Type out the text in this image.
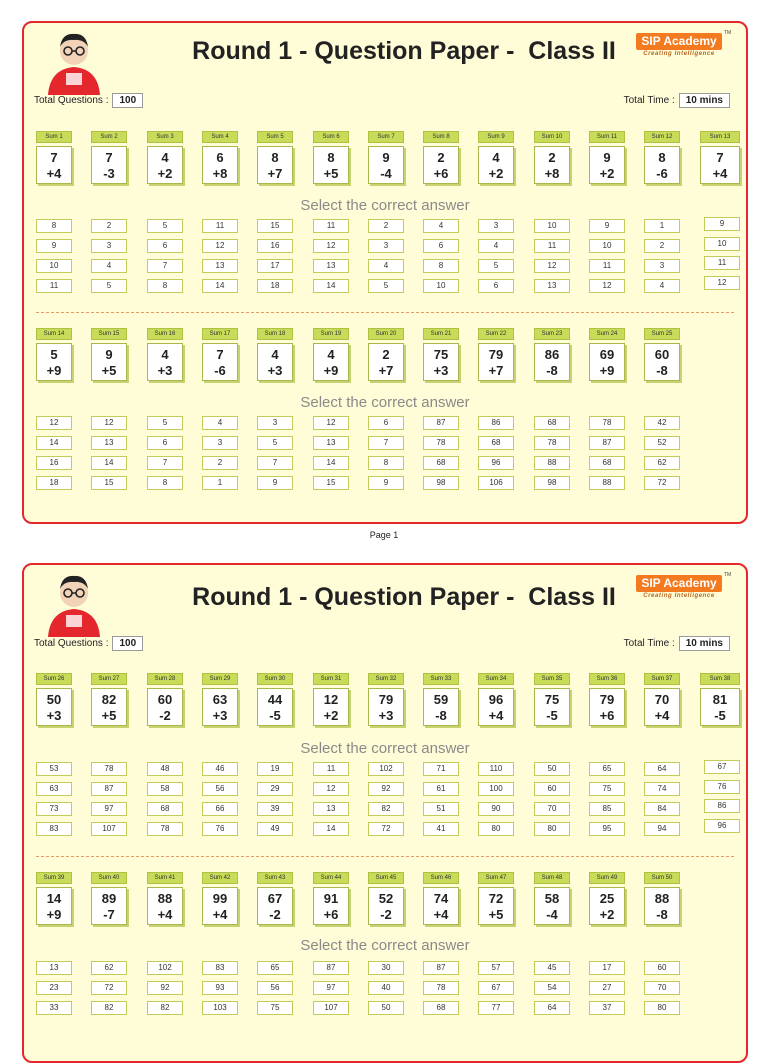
Round 1 - Question Paper -  Class II	SIP Academy
Creating Intelligence
TM
Total Questions : 100	Total Time : 10 mins
Select the correct answer
Select the correct answer
Sum 1
7
+4
8
9
10
11
Sum 2
7
-3
2
3
4
5
Sum 3
4
+2
5
6
7
8
Sum 4
6
+8
11
12
13
14
Sum 5
8
+7
15
16
17
18
Sum 6
8
+5
11
12
13
14
Sum 7
9
-4
2
3
4
5
Sum 8
2
+6
4
6
8
10
Sum 9
4
+2
3
4
5
6
Sum 10
2
+8
10
11
12
13
Sum 11
9
+2
9
10
11
12
Sum 12
8
-6
1
2
3
4
Sum 13
7
+4
9
10
11
12
Sum 14
5
+9
12
14
16
18
Sum 15
9
+5
12
13
14
15
Sum 16
4
+3
5
6
7
8
Sum 17
7
-6
4
3
2
1
Sum 18
4
+3
3
5
7
9
Sum 19
4
+9
12
13
14
15
Sum 20
2
+7
6
7
8
9
Sum 21
75
+3
87
78
68
98
Sum 22
79
+7
86
68
96
106
Sum 23
86
-8
68
78
88
98
Sum 24
69
+9
78
87
68
88
Sum 25
60
-8
42
52
62
72
Page 1
Round 1 - Question Paper -  Class II	SIP Academy
Creating Intelligence
TM
Total Questions : 100	Total Time : 10 mins
Select the correct answer
Select the correct answer
Sum 26
50
+3
53
63
73
83
Sum 27
82
+5
78
87
97
107
Sum 28
60
-2
48
58
68
78
Sum 29
63
+3
46
56
66
76
Sum 30
44
-5
19
29
39
49
Sum 31
12
+2
11
12
13
14
Sum 32
79
+3
102
92
82
72
Sum 33
59
-8
71
61
51
41
Sum 34
96
+4
110
100
90
80
Sum 35
75
-5
50
60
70
80
Sum 36
79
+6
65
75
85
95
Sum 37
70
+4
64
74
84
94
Sum 38
81
-5
67
76
86
96
Sum 39
14
+9
13
23
33
Sum 40
89
-7
62
72
82
Sum 41
88
+4
102
92
82
Sum 42
99
+4
83
93
103
Sum 43
67
-2
65
56
75
Sum 44
91
+6
87
97
107
Sum 45
52
-2
30
40
50
Sum 46
74
+4
87
78
68
Sum 47
72
+5
57
67
77
Sum 48
58
-4
45
54
64
Sum 49
25
+2
17
27
37
Sum 50
88
-8
60
70
80
